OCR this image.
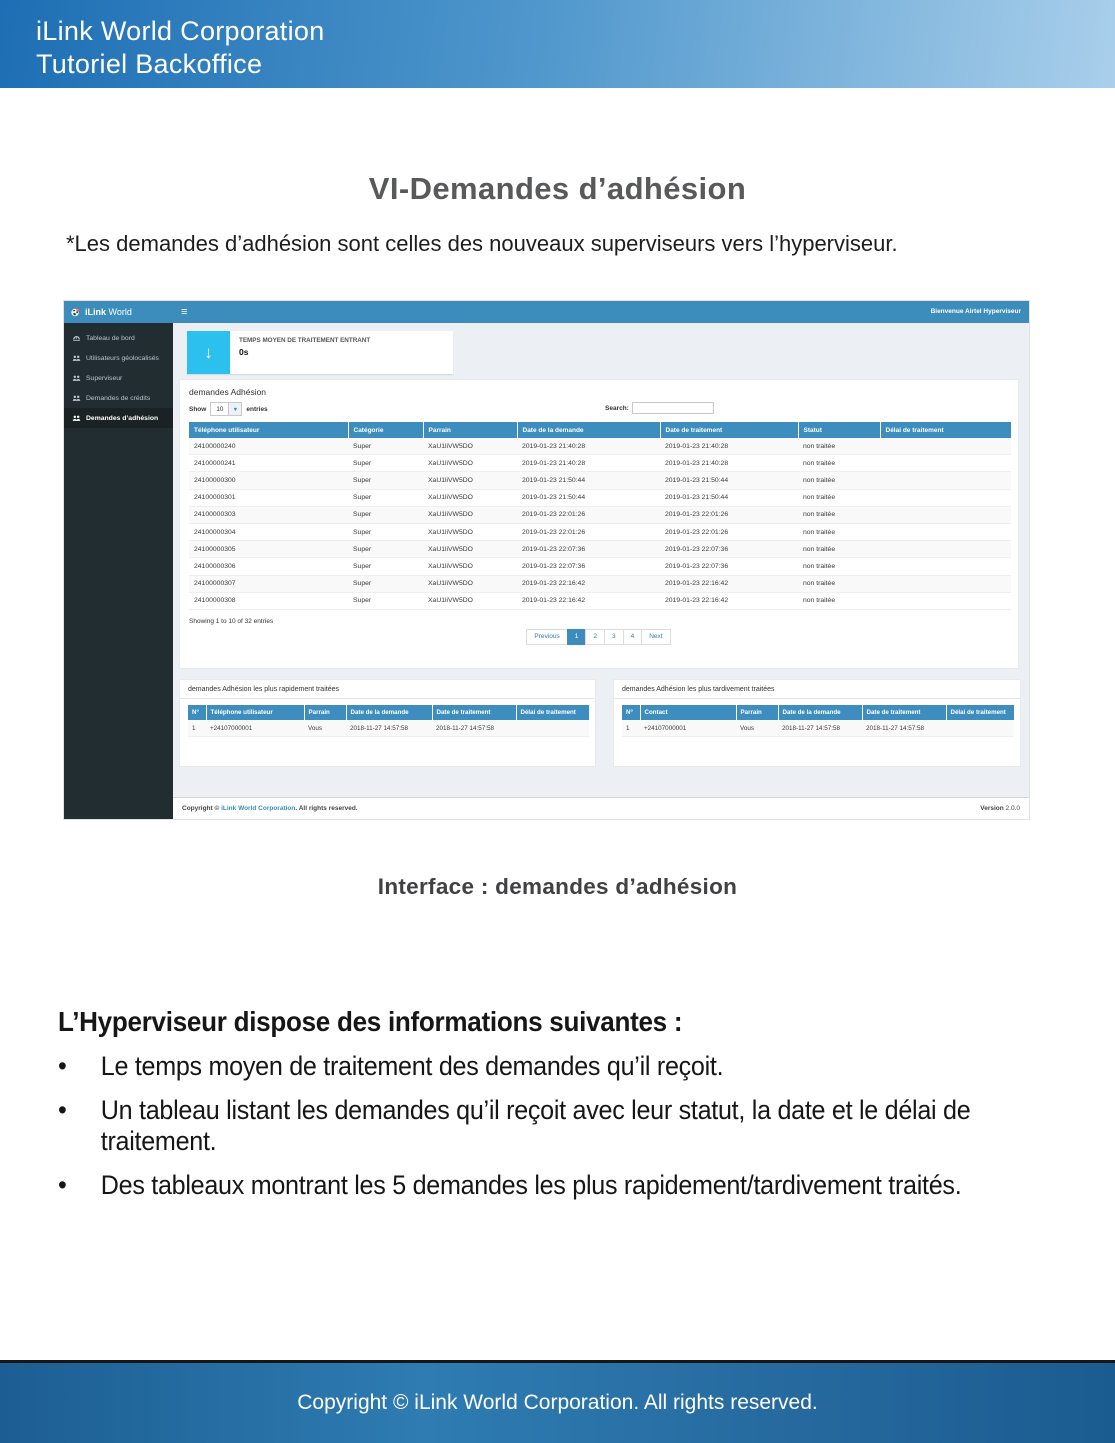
iLink World Corporation
Tutoriel Backoffice
VI-Demandes d’adhésion

*Les demandes d’adhésion sont celles des nouveaux superviseurs vers l’hyperviseur.

iLink World	≡	Bienvenue Airtel Hyperviseur
Tableau de bord
Utilisateurs géolocalisés
Superviseur
Demandes de crédits
Demandes d’adhésion
↓
TEMPS MOYEN DE TRAITEMENT ENTRANT
0s
demandes Adhésion
Show	10	▾	entries	Search:
Téléphone utilisateur	Catégorie	Parrain	Date de la demande	Date de traitement	Statut	Délai de traitement
24100000240	Super	XaU1liVW5DO	2019-01-23 21:40:28	2019-01-23 21:40:28	non traitée	
24100000241	Super	XaU1liVW5DO	2019-01-23 21:40:28	2019-01-23 21:40:28	non traitée	
24100000300	Super	XaU1liVW5DO	2019-01-23 21:50:44	2019-01-23 21:50:44	non traitée	
24100000301	Super	XaU1liVW5DO	2019-01-23 21:50:44	2019-01-23 21:50:44	non traitée	
24100000303	Super	XaU1liVW5DO	2019-01-23 22:01:26	2019-01-23 22:01:26	non traitée	
24100000304	Super	XaU1liVW5DO	2019-01-23 22:01:26	2019-01-23 22:01:26	non traitée	
24100000305	Super	XaU1liVW5DO	2019-01-23 22:07:36	2019-01-23 22:07:36	non traitée	
24100000306	Super	XaU1liVW5DO	2019-01-23 22:07:36	2019-01-23 22:07:36	non traitée	
24100000307	Super	XaU1liVW5DO	2019-01-23 22:16:42	2019-01-23 22:16:42	non traitée	
24100000308	Super	XaU1liVW5DO	2019-01-23 22:16:42	2019-01-23 22:16:42	non traitée	
Showing 1 to 10 of 32 entries
Previous 1 2 3 4 Next
demandes Adhésion les plus rapidement traitées
N°	Téléphone utilisateur	Parrain	Date de la demande	Date de traitement	Délai de traitement
1	+24107000001	Vous	2018-11-27 14:57:58	2018-11-27 14:57:58	
demandes Adhésion les plus tardivement traitées
N°	Contact	Parrain	Date de la demande	Date de traitement	Délai de traitement
1	+24107000001	Vous	2018-11-27 14:57:58	2018-11-27 14:57:58	
Copyright © iLink World Corporation. All rights reserved.	Version 2.0.0
Interface : demandes d’adhésion
L’Hyperviseur dispose des informations suivantes :
•	Le temps moyen de traitement des demandes qu’il reçoit.
•	Un tableau listant les demandes qu’il reçoit avec leur statut, la date et le délai de traitement.
•	Des tableaux montrant les 5 demandes les plus rapidement/tardivement traités.
Copyright © iLink World Corporation. All rights reserved.
